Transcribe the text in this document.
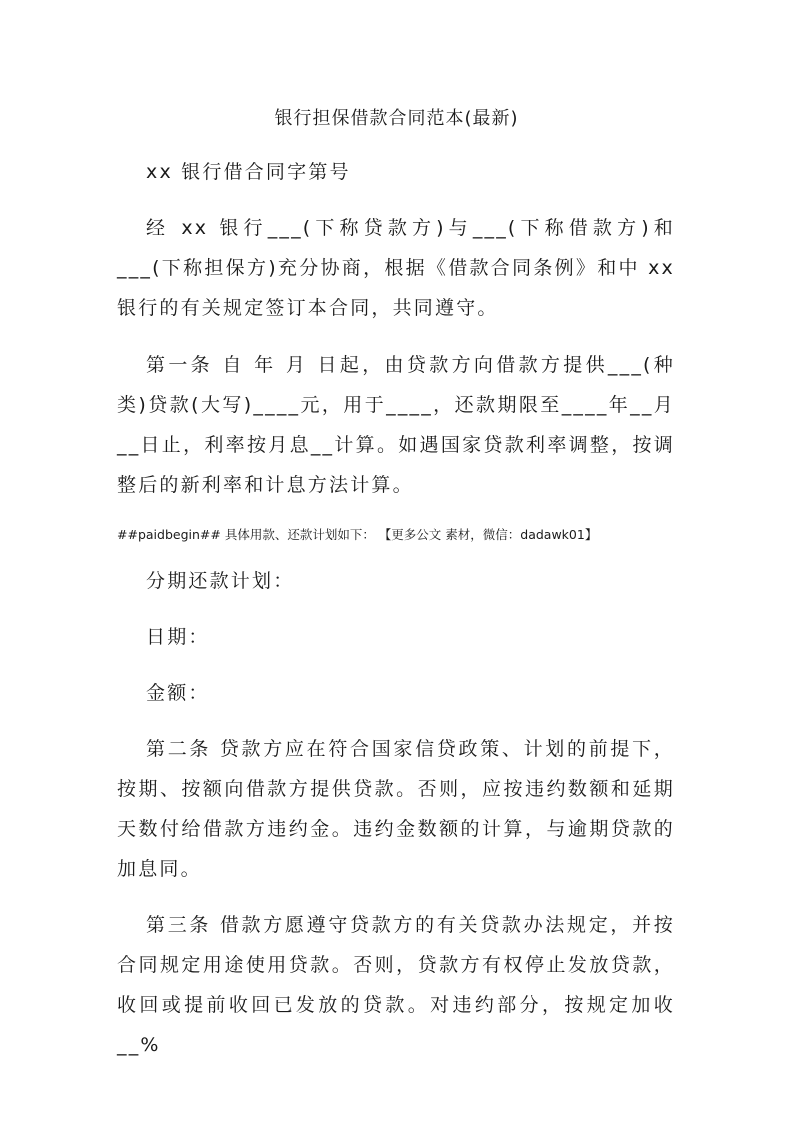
银行担保借款合同范本(最新)

xx 银行借合同字第号

经 xx 银行___(下称贷款方)与___(下称借款方)和___(下称担保方)充分协商，根据《借款合同条例》和中 xx 银行的有关规定签订本合同，共同遵守。

第一条 自 年 月 日起，由贷款方向借款方提供___(种类)贷款(大写)____元，用于____，还款期限至____年__月__日止，利率按月息__计算。如遇国家贷款利率调整，按调整后的新利率和计息方法计算。

##paidbegin## 具体用款、还款计划如下： 【更多公文 素材，微信：dadawk01】

分期还款计划：

日期：

金额：

第二条 贷款方应在符合国家信贷政策、计划的前提下，按期、按额向借款方提供贷款。否则，应按违约数额和延期天数付给借款方违约金。违约金数额的计算，与逾期贷款的加息同。

第三条 借款方愿遵守贷款方的有关贷款办法规定，并按合同规定用途使用贷款。否则，贷款方有权停止发放贷款，收回或提前收回已发放的贷款。对违约部分，按规定加收__%
